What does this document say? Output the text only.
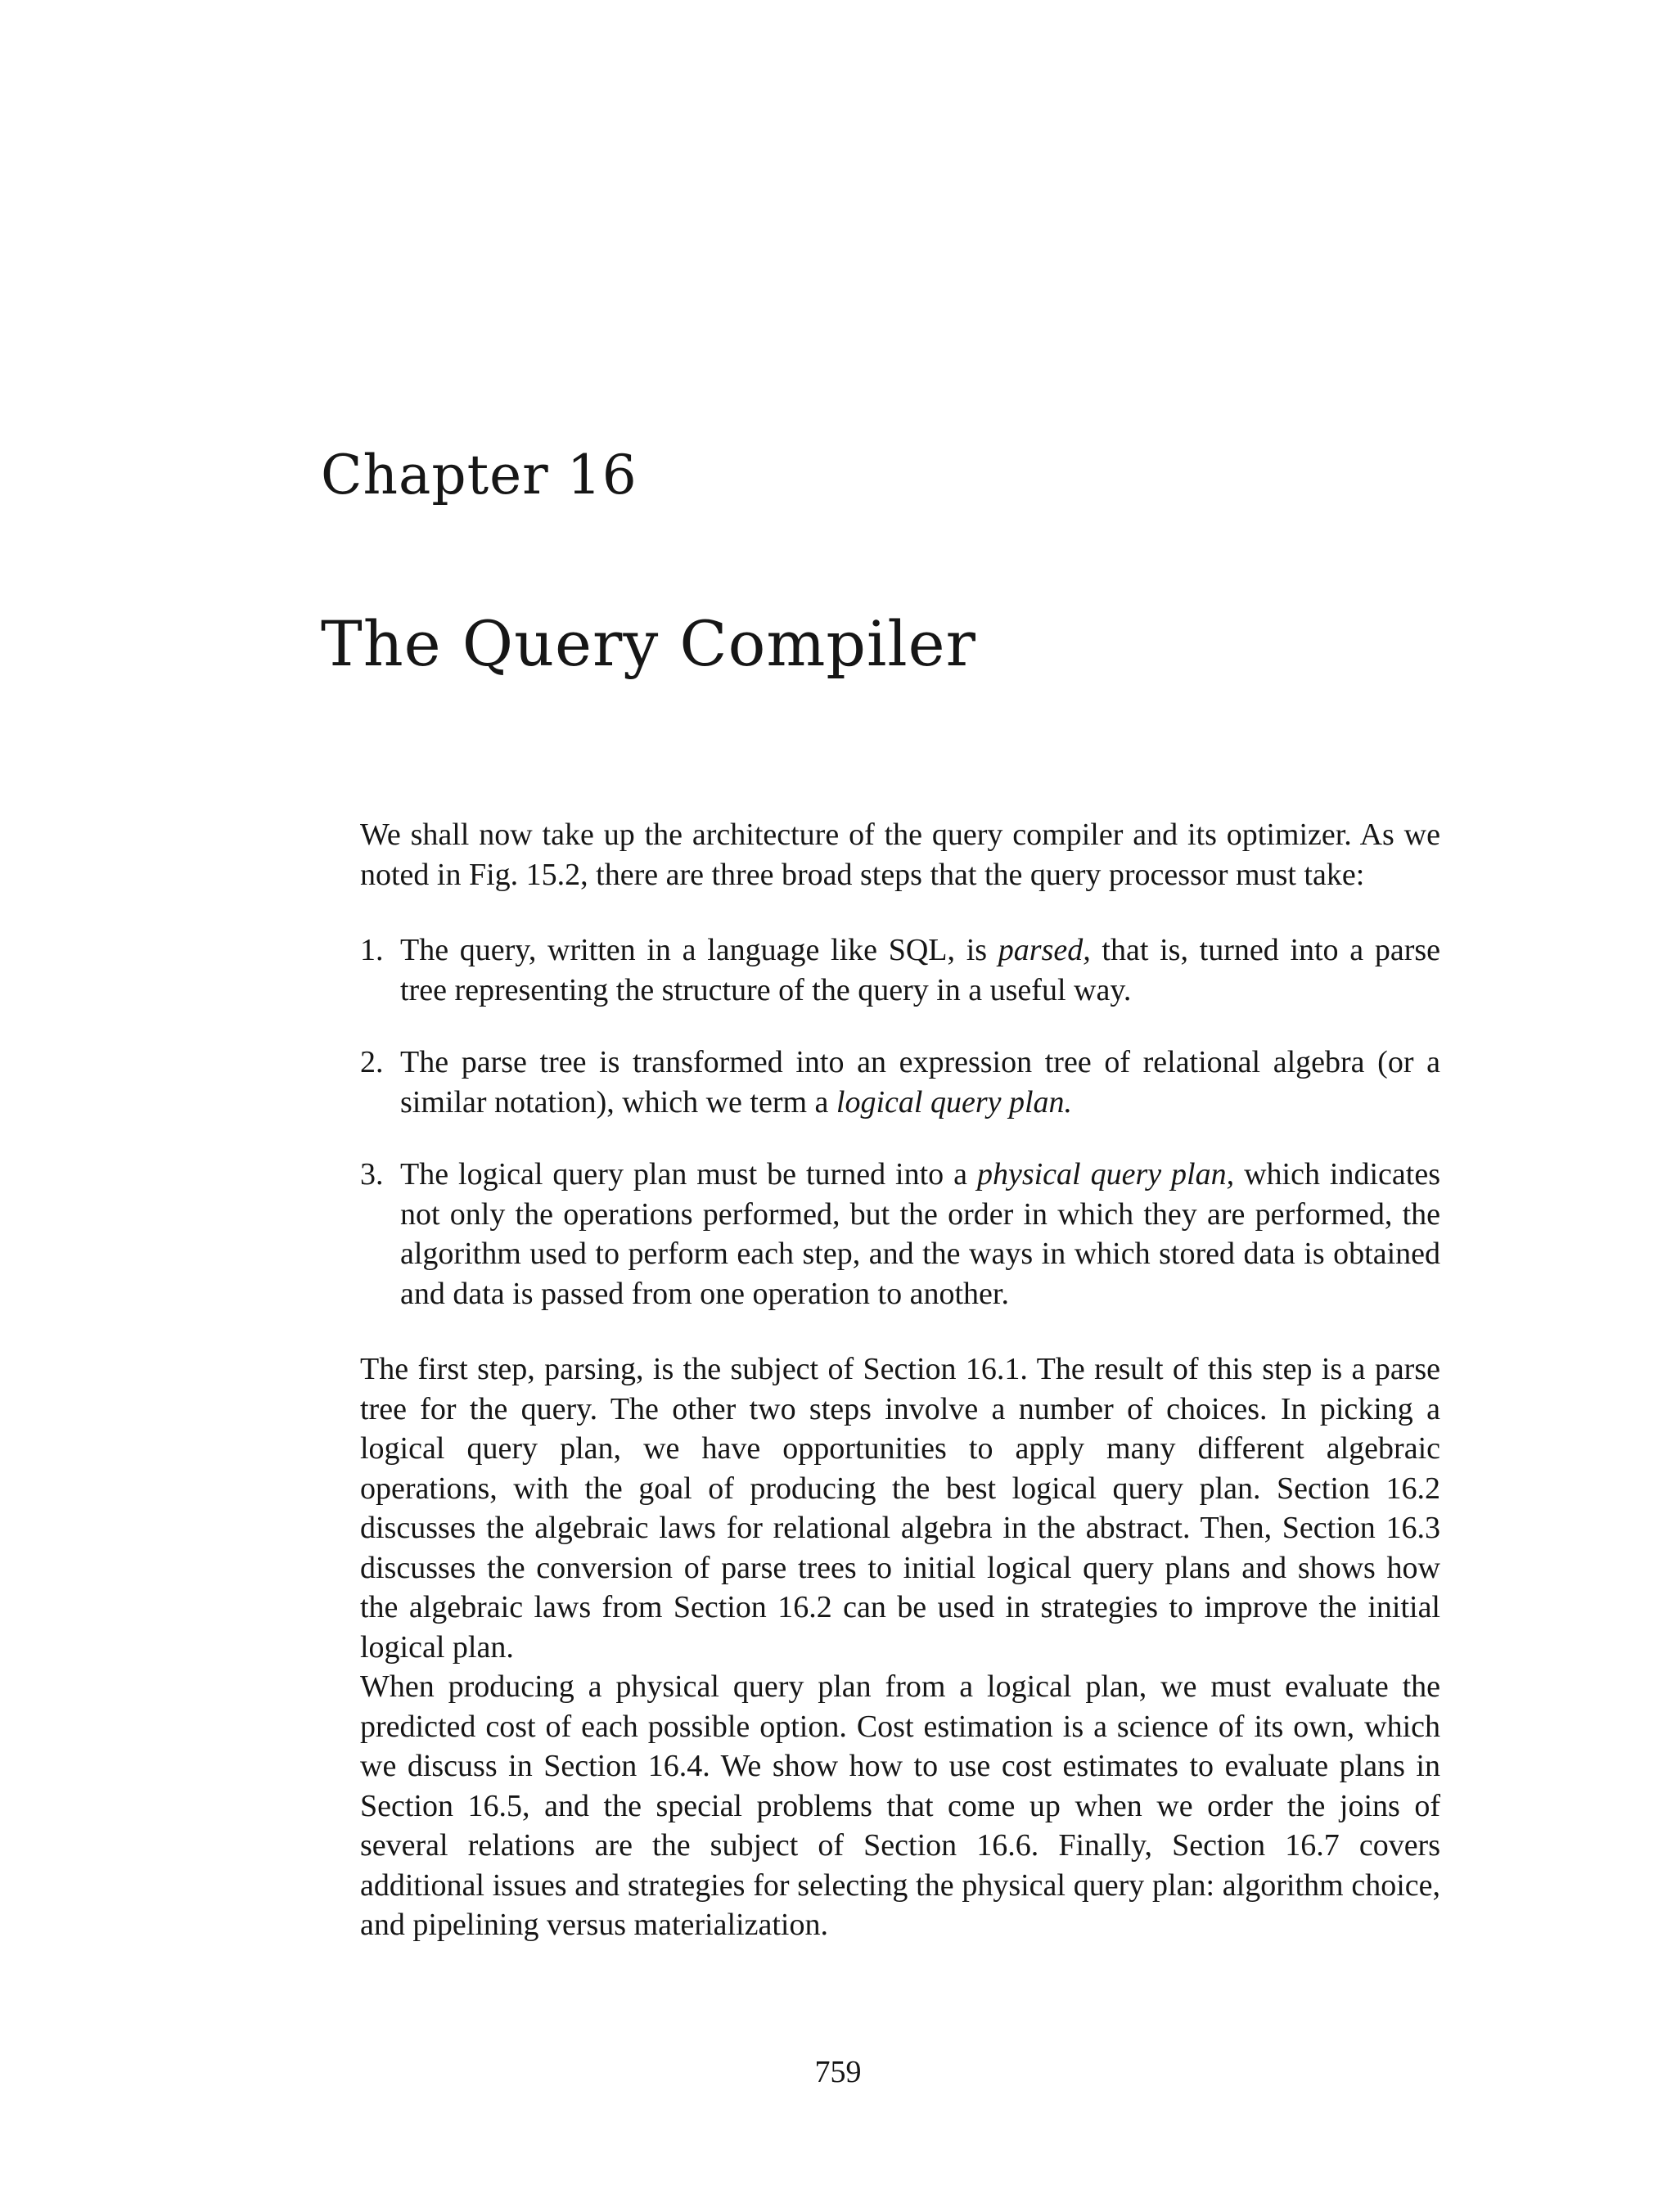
Chapter 16
The Query Compiler

We shall now take up the architecture of the query compiler and its optimizer. As we noted in Fig. 15.2, there are three broad steps that the query processor must take:

1. The query, written in a language like SQL, is parsed, that is, turned into a parse tree representing the structure of the query in a useful way.
2. The parse tree is transformed into an expression tree of relational algebra (or a similar notation), which we term a logical query plan.
3. The logical query plan must be turned into a physical query plan, which indicates not only the operations performed, but the order in which they are performed, the algorithm used to perform each step, and the ways in which stored data is obtained and data is passed from one operation to another.

The first step, parsing, is the subject of Section 16.1. The result of this step is a parse tree for the query. The other two steps involve a number of choices. In picking a logical query plan, we have opportunities to apply many different algebraic operations, with the goal of producing the best logical query plan. Section 16.2 discusses the algebraic laws for relational algebra in the abstract. Then, Section 16.3 discusses the conversion of parse trees to initial logical query plans and shows how the algebraic laws from Section 16.2 can be used in strategies to improve the initial logical plan.

When producing a physical query plan from a logical plan, we must evaluate the predicted cost of each possible option. Cost estimation is a science of its own, which we discuss in Section 16.4. We show how to use cost estimates to evaluate plans in Section 16.5, and the special problems that come up when we order the joins of several relations are the subject of Section 16.6. Finally, Section 16.7 covers additional issues and strategies for selecting the physical query plan: algorithm choice, and pipelining versus materialization.

759
